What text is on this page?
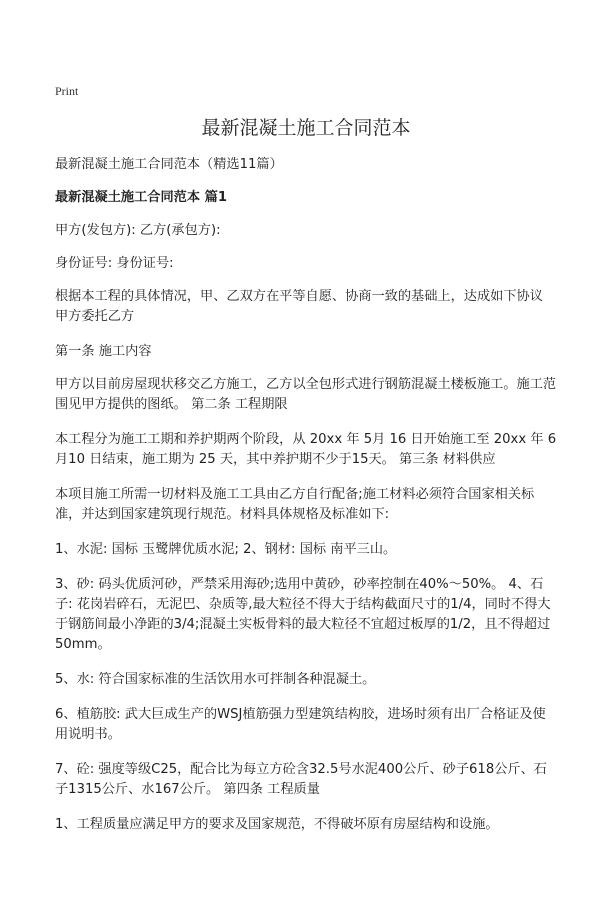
Print
最新混凝土施工合同范本
最新混凝土施工合同范本（精选11篇）
最新混凝土施工合同范本 篇1
甲方(发包方): 乙方(承包方):
身份证号: 身份证号:
根据本工程的具体情况，甲、乙双方在平等自愿、协商一致的基础上，达成如下协议 甲方委托乙方
第一条 施工内容
甲方以目前房屋现状移交乙方施工，乙方以全包形式进行钢筋混凝土楼板施工。施工范围见甲方提供的图纸。 第二条 工程期限
本工程分为施工工期和养护期两个阶段，从 20xx 年 5月 16 日开始施工至 20xx 年 6月10 日结束，施工期为 25 天，其中养护期不少于15天。 第三条 材料供应
本项目施工所需一切材料及施工工具由乙方自行配备;施工材料必须符合国家相关标准，并达到国家建筑现行规范。材料具体规格及标准如下:
1、水泥: 国标 玉鹭牌优质水泥; 2、钢材: 国标 南平三山。
3、砂: 码头优质河砂，严禁采用海砂;选用中黄砂，砂率控制在40%～50%。 4、石子: 花岗岩碎石，无泥巴、杂质等,最大粒径不得大于结构截面尺寸的1/4，同时不得大于钢筋间最小净距的3/4;混凝土实板骨料的最大粒径不宜超过板厚的1/2，且不得超过50mm。
5、水: 符合国家标准的生活饮用水可拌制各种混凝土。
6、植筋胶: 武大巨成生产的WSJ植筋强力型建筑结构胶，进场时须有出厂合格证及使用说明书。
7、砼: 强度等级C25，配合比为每立方砼含32.5号水泥400公斤、砂子618公斤、石子1315公斤、水167公斤。 第四条 工程质量
1、工程质量应满足甲方的要求及国家规范，不得破坏原有房屋结构和设施。
